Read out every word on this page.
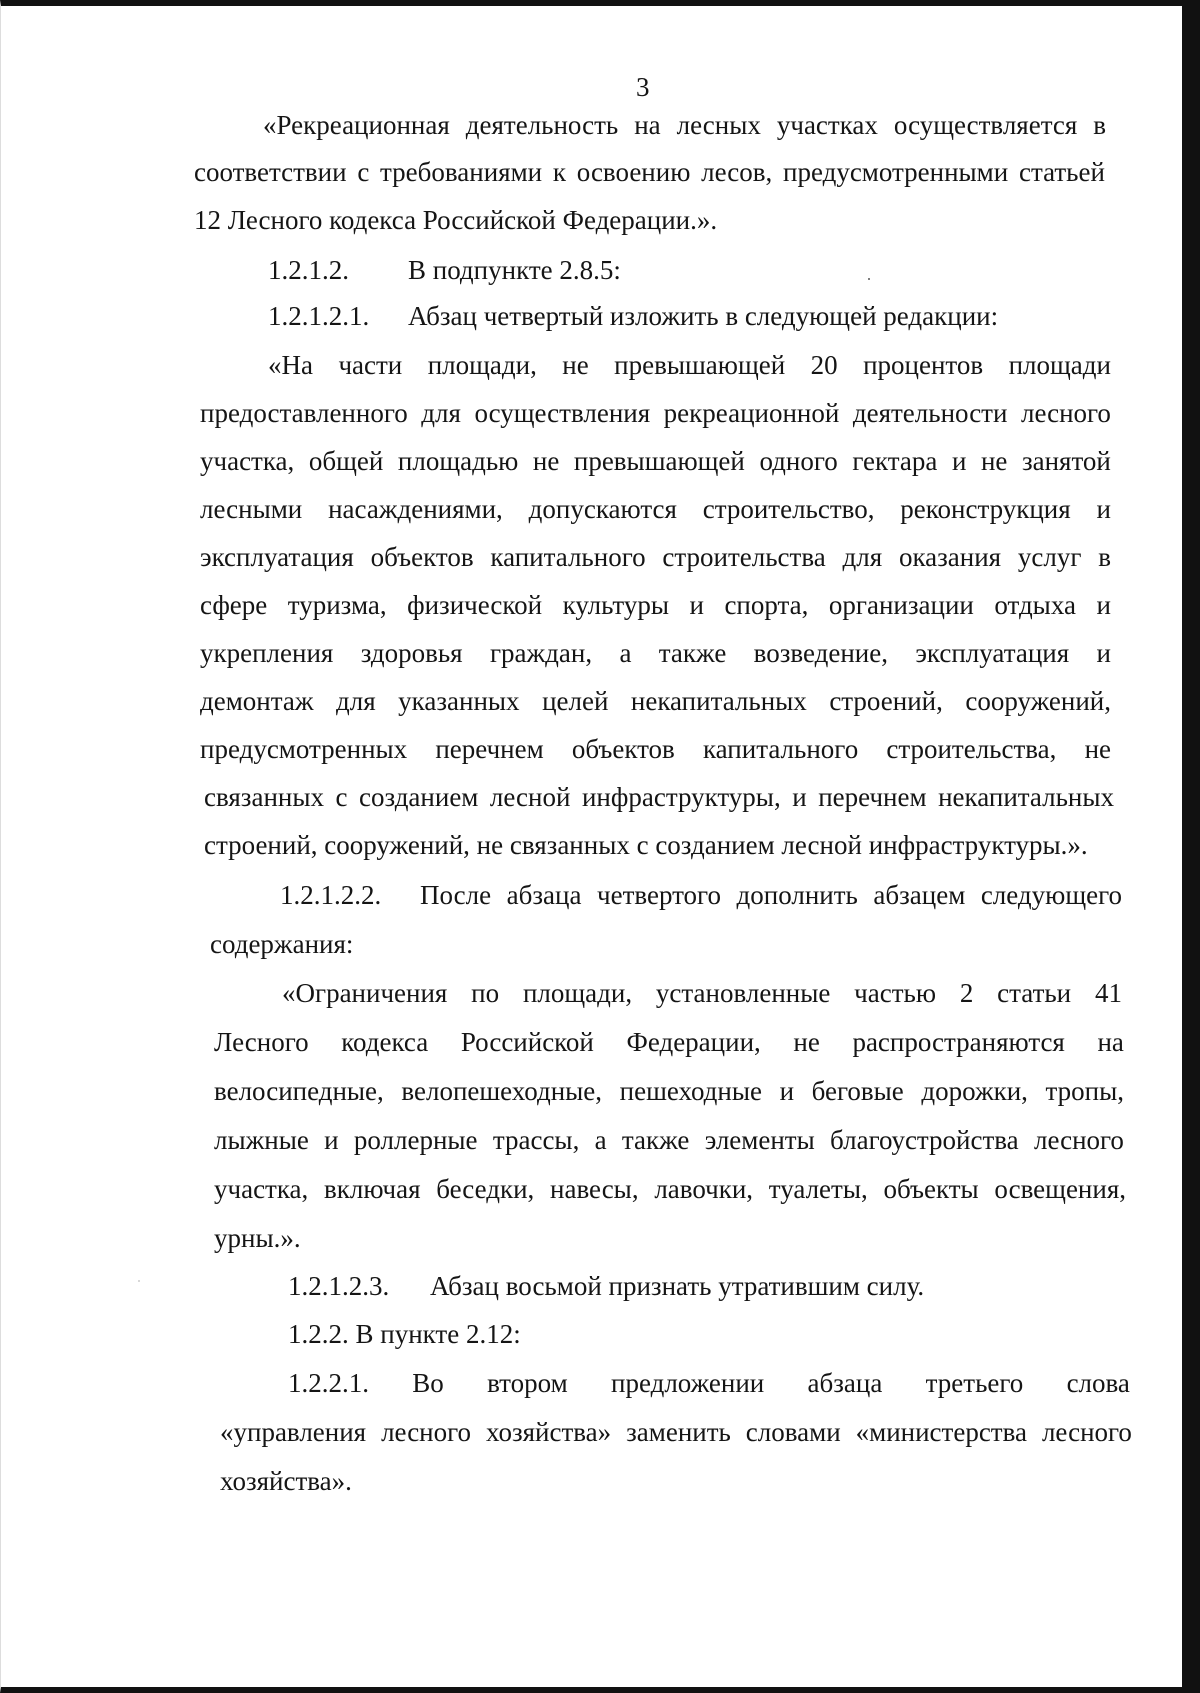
3
«Рекреационная деятельность на лесных участках осуществляется в
соответствии с требованиями к освоению лесов, предусмотренными статьей
12 Лесного кодекса Российской Федерации.».
1.2.1.2. В подпункте 2.8.5:
1.2.1.2.1. Абзац четвертый изложить в следующей редакции:
«На части площади, не превышающей 20 процентов площади
предоставленного для осуществления рекреационной деятельности лесного
участка, общей площадью не превышающей одного гектара и не занятой
лесными насаждениями, допускаются строительство, реконструкция и
эксплуатация объектов капитального строительства для оказания услуг в
сфере туризма, физической культуры и спорта, организации отдыха и
укрепления здоровья граждан, а также возведение, эксплуатация и
демонтаж для указанных целей некапитальных строений, сооружений,
предусмотренных перечнем объектов капитального строительства, не
связанных с созданием лесной инфраструктуры, и перечнем некапитальных
строений, сооружений, не связанных с созданием лесной инфраструктуры.».
1.2.1.2.2.	После абзаца четвертого дополнить абзацем следующего
содержания:
«Ограничения по площади, установленные частью 2 статьи 41
Лесного кодекса Российской Федерации, не распространяются на
велосипедные, велопешеходные, пешеходные и беговые дорожки, тропы,
лыжные и роллерные трассы, а также элементы благоустройства лесного
участка, включая беседки, навесы, лавочки, туалеты, объекты освещения,
урны.».
1.2.1.2.3. Абзац восьмой признать утратившим силу.
1.2.2. В пункте 2.12:
1.2.2.1. Во втором предложении абзаца третьего слова
«управления лесного хозяйства» заменить словами «министерства лесного
хозяйства».
